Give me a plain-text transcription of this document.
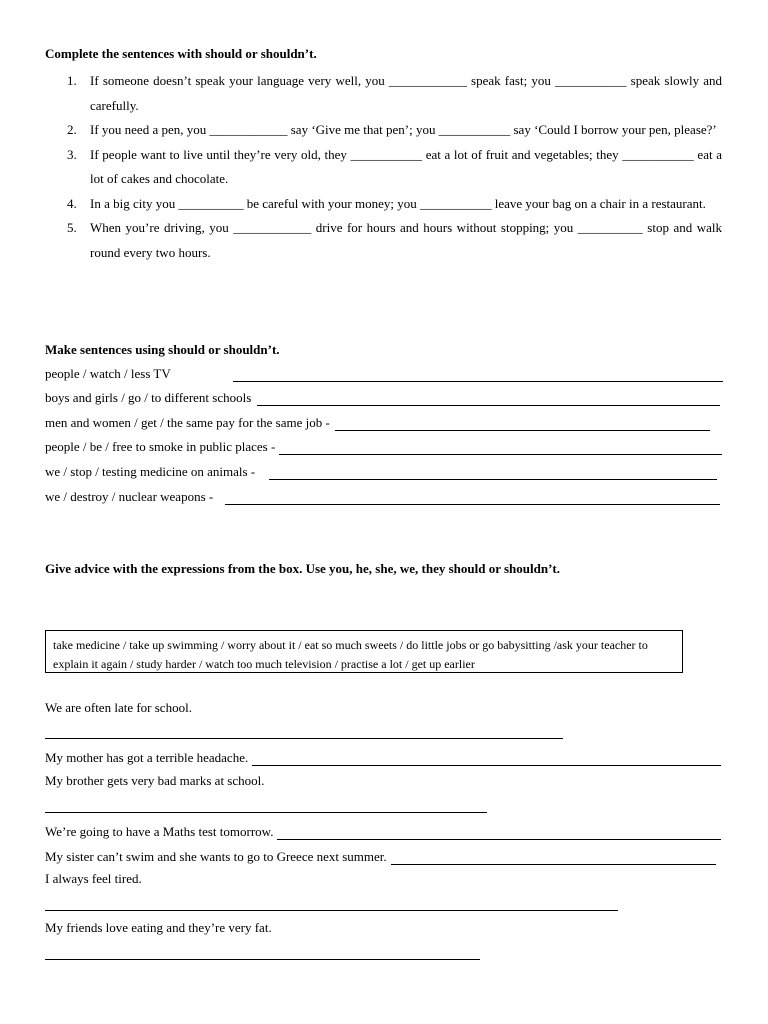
Complete the sentences with should or shouldn’t.
1. If someone doesn’t speak your language very well, you ____________ speak fast; you ___________ speak slowly and carefully.
2. If you need a pen, you ____________ say ‘Give me that pen’; you ___________ say ‘Could I borrow your pen, please?’
3. If people want to live until they’re very old, they ___________ eat a lot of fruit and vegetables; they ___________ eat a lot of cakes and chocolate.
4. In a big city you __________ be careful with your money; you ___________ leave your bag on a chair in a restaurant.
5. When you’re driving, you ____________ drive for hours and hours without stopping; you __________ stop and walk round every two hours.
Make sentences using should or shouldn’t.
people / watch / less TV
boys and girls / go / to different schools
men and women / get / the same pay for the same job -
people / be / free to smoke in public places -
we / stop / testing medicine on animals -
we / destroy / nuclear weapons -
Give advice with the expressions from the box. Use you, he, she, we, they should or shouldn’t.
take medicine / take up swimming / worry about it / eat so much sweets / do little jobs or go babysitting /ask your teacher to explain it again / study harder / watch too much television / practise a lot / get up earlier
We are often late for school.
My mother has got a terrible headache.
My brother gets very bad marks at school.
We’re going to have a Maths test tomorrow.
My sister can’t swim and she wants to go to Greece next summer.
I always feel tired.
My friends love eating and they’re very fat.
